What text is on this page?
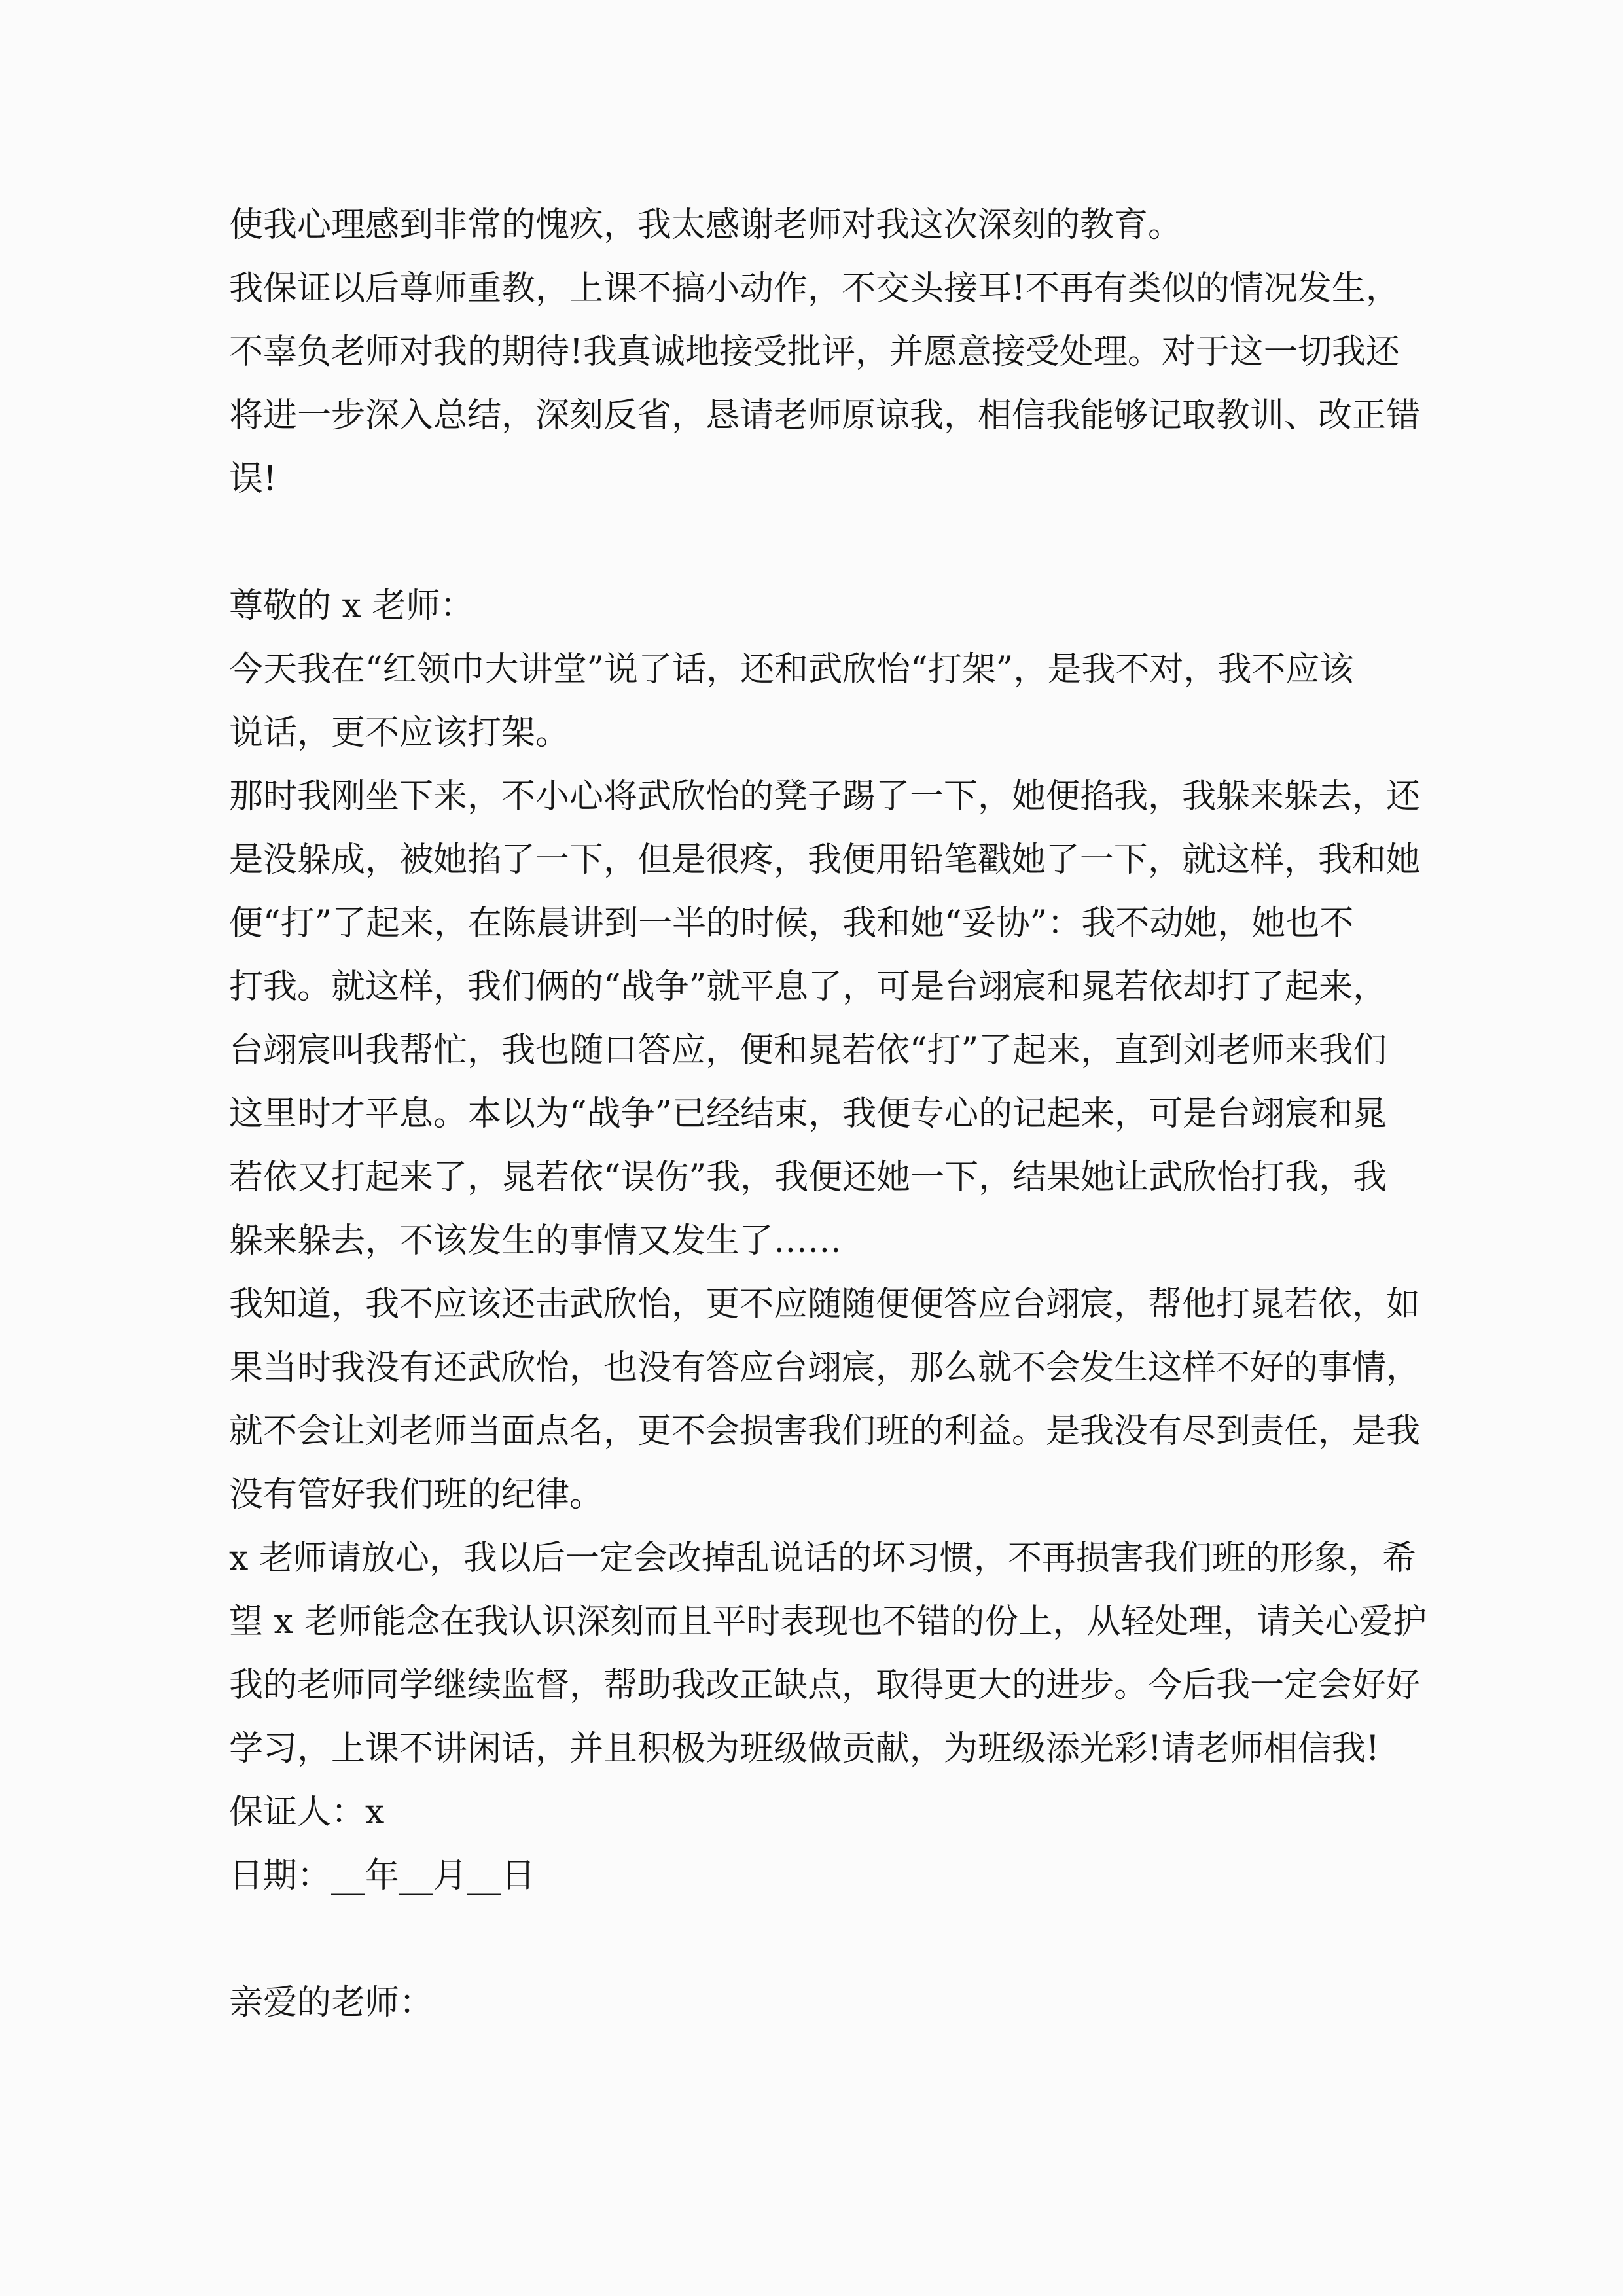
使我心理感到非常的愧疚，我太感谢老师对我这次深刻的教育。
我保证以后尊师重教，上课不搞小动作，不交头接耳!不再有类似的情况发生，
不辜负老师对我的期待!我真诚地接受批评，并愿意接受处理。对于这一切我还
将进一步深入总结，深刻反省，恳请老师原谅我，相信我能够记取教训、改正错
误!
尊敬的 x 老师：
今天我在“红领巾大讲堂”说了话，还和武欣怡“打架”，是我不对，我不应该
说话，更不应该打架。
那时我刚坐下来，不小心将武欣怡的凳子踢了一下，她便掐我，我躲来躲去，还
是没躲成，被她掐了一下，但是很疼，我便用铅笔戳她了一下，就这样，我和她
便“打”了起来，在陈晨讲到一半的时候，我和她“妥协”：我不动她，她也不
打我。就这样，我们俩的“战争”就平息了，可是台翊宸和晁若依却打了起来，
台翊宸叫我帮忙，我也随口答应，便和晁若依“打”了起来，直到刘老师来我们
这里时才平息。本以为“战争”已经结束，我便专心的记起来，可是台翊宸和晁
若依又打起来了，晁若依“误伤”我，我便还她一下，结果她让武欣怡打我，我
躲来躲去，不该发生的事情又发生了……
我知道，我不应该还击武欣怡，更不应随随便便答应台翊宸，帮他打晁若依，如
果当时我没有还武欣怡，也没有答应台翊宸，那么就不会发生这样不好的事情，
就不会让刘老师当面点名，更不会损害我们班的利益。是我没有尽到责任，是我
没有管好我们班的纪律。
x 老师请放心，我以后一定会改掉乱说话的坏习惯，不再损害我们班的形象，希
望 x 老师能念在我认识深刻而且平时表现也不错的份上，从轻处理，请关心爱护
我的老师同学继续监督，帮助我改正缺点，取得更大的进步。今后我一定会好好
学习，上课不讲闲话，并且积极为班级做贡献，为班级添光彩!请老师相信我!
保证人：x
日期：__年__月__日
亲爱的老师：
